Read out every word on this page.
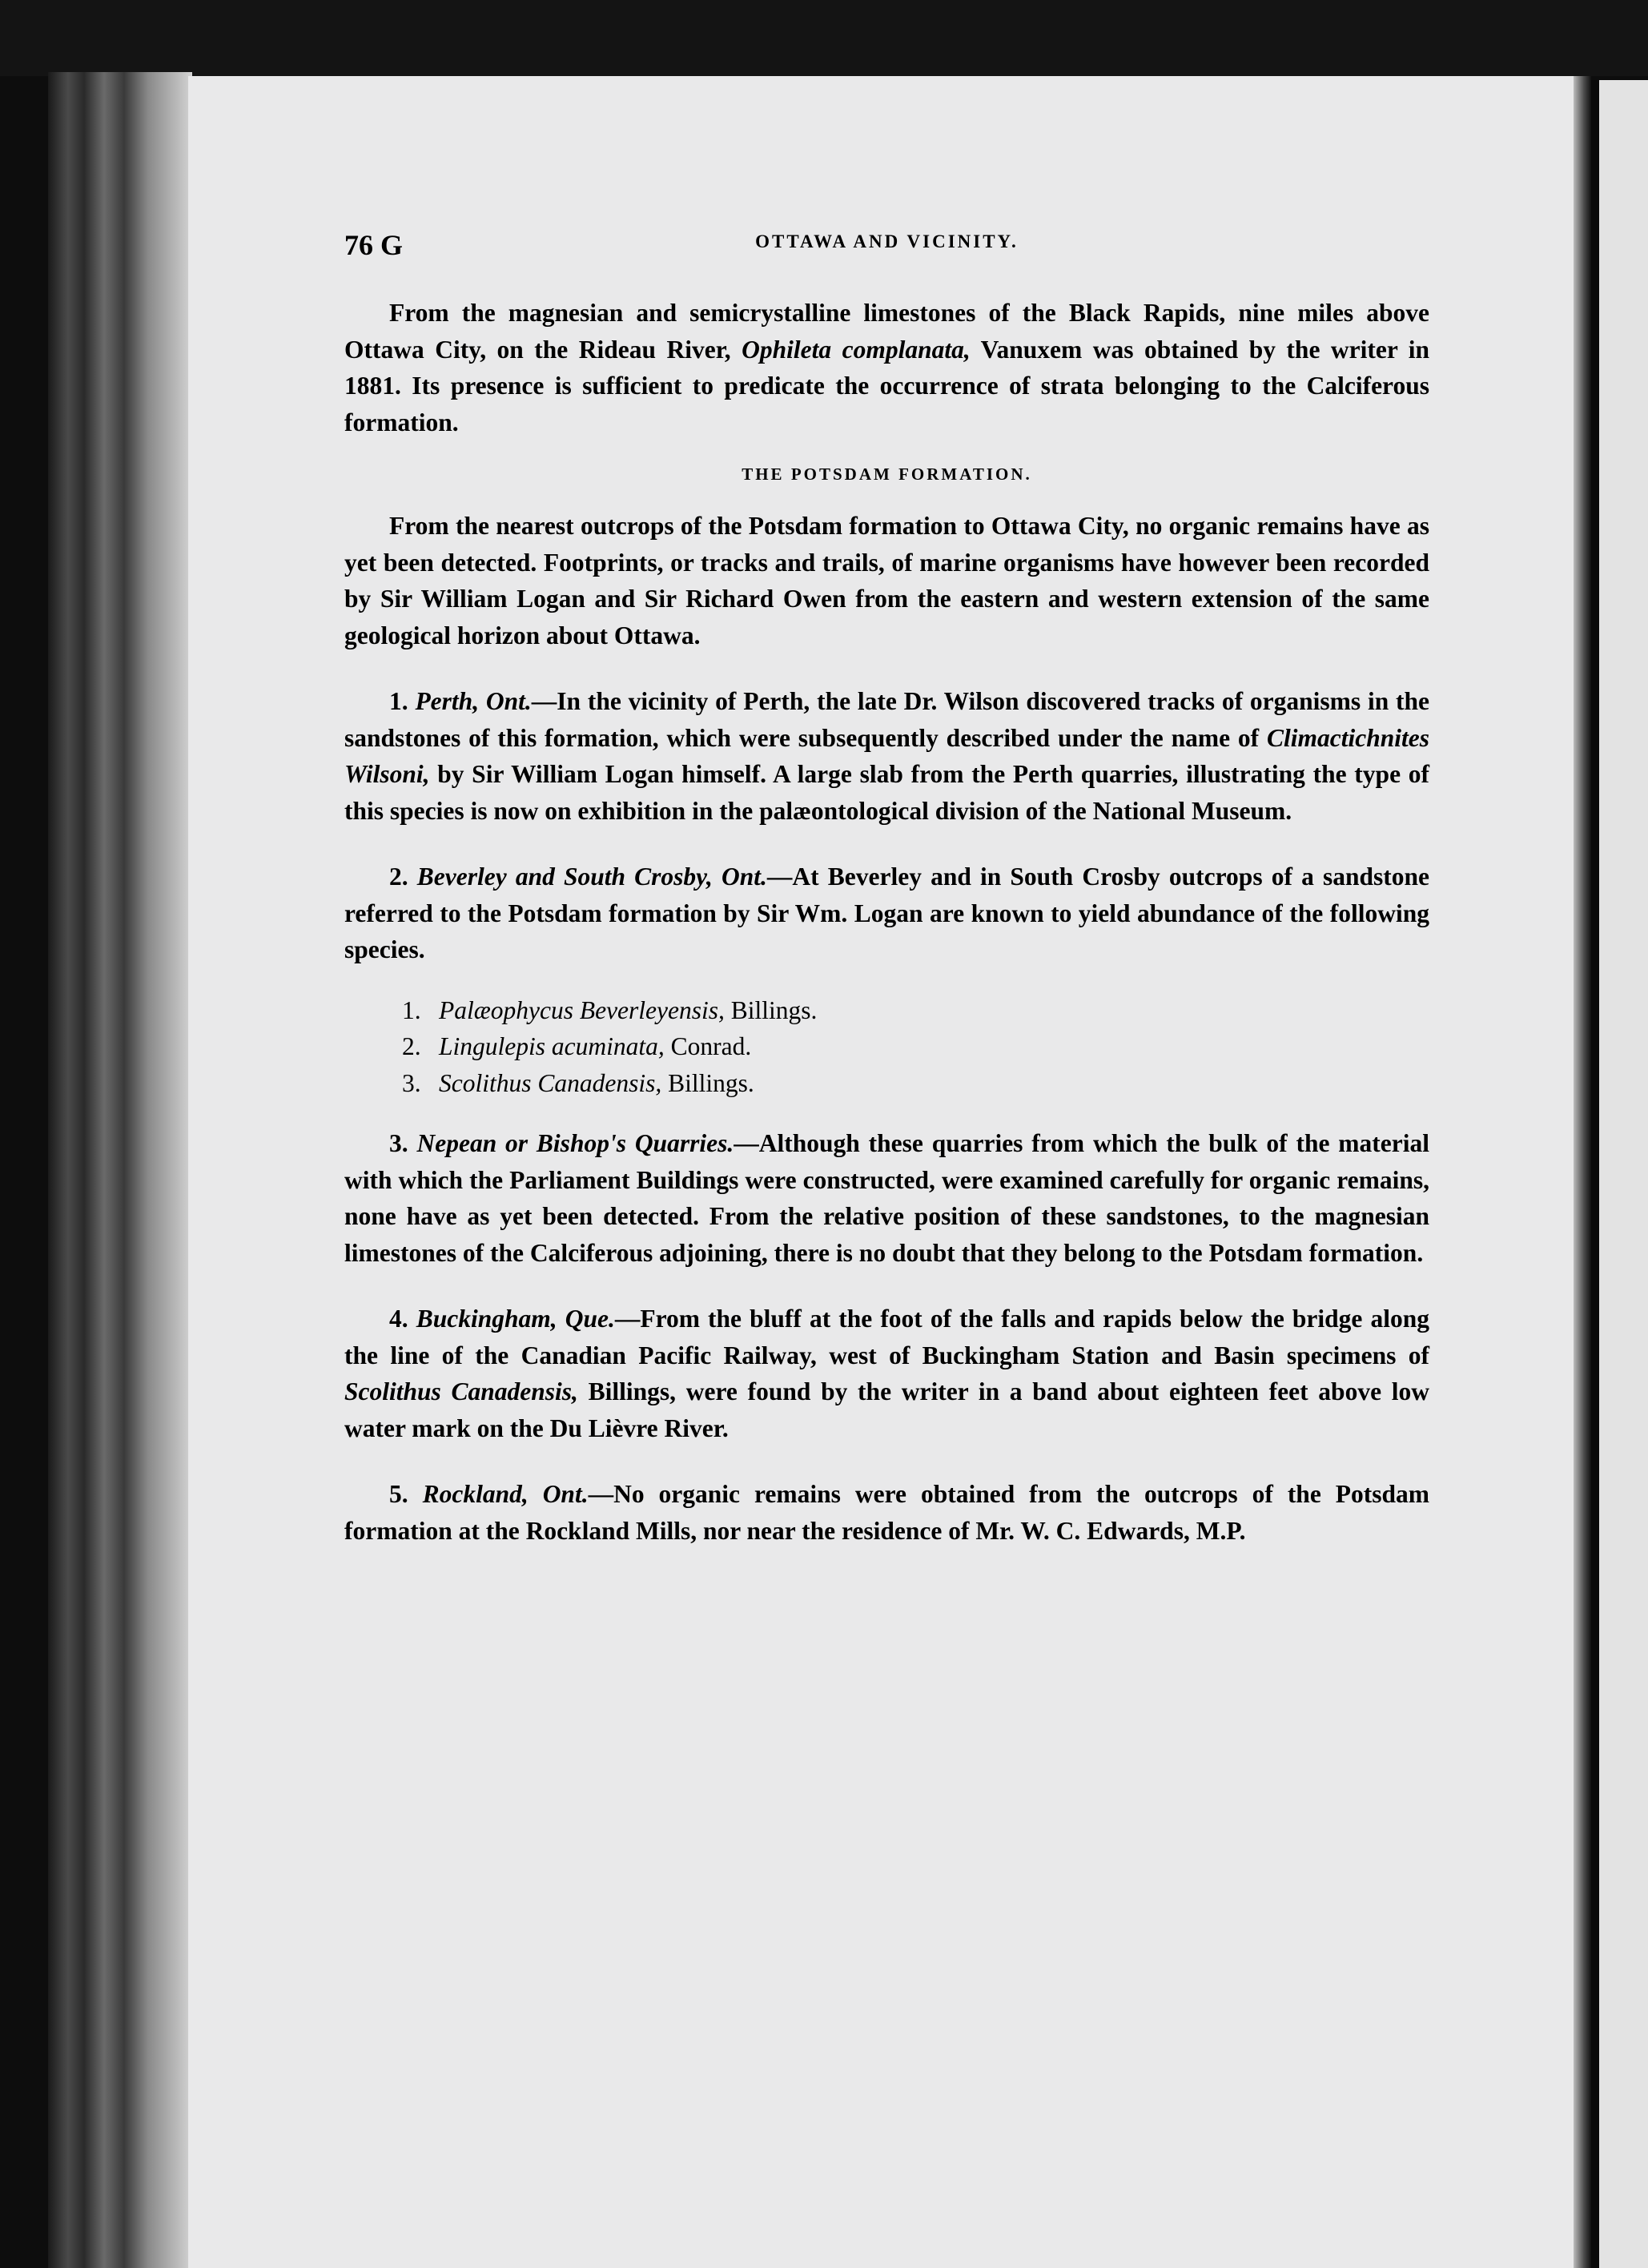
76 G	OTTAWA AND VICINITY.

From the magnesian and semicrystalline limestones of the Black Rapids, nine miles above Ottawa City, on the Rideau River, Ophileta complanata, Vanuxem was obtained by the writer in 1881. Its presence is sufficient to predicate the occurrence of strata belonging to the Calciferous formation.

THE POTSDAM FORMATION.

From the nearest outcrops of the Potsdam formation to Ottawa City, no organic remains have as yet been detected. Footprints, or tracks and trails, of marine organisms have however been recorded by Sir William Logan and Sir Richard Owen from the eastern and western extension of the same geological horizon about Ottawa.

1. Perth, Ont.—In the vicinity of Perth, the late Dr. Wilson discovered tracks of organisms in the sandstones of this formation, which were subsequently described under the name of Climactichnites Wilsoni, by Sir William Logan himself. A large slab from the Perth quarries, illustrating the type of this species is now on exhibition in the palæontological division of the National Museum.

2. Beverley and South Crosby, Ont.—At Beverley and in South Crosby outcrops of a sandstone referred to the Potsdam formation by Sir Wm. Logan are known to yield abundance of the following species.

1. Palæophycus Beverleyensis, Billings.
2. Lingulepis acuminata, Conrad.
3. Scolithus Canadensis, Billings.

3. Nepean or Bishop's Quarries.—Although these quarries from which the bulk of the material with which the Parliament Buildings were constructed, were examined carefully for organic remains, none have as yet been detected. From the relative position of these sandstones, to the magnesian limestones of the Calciferous adjoining, there is no doubt that they belong to the Potsdam formation.

4. Buckingham, Que.—From the bluff at the foot of the falls and rapids below the bridge along the line of the Canadian Pacific Railway, west of Buckingham Station and Basin specimens of Scolithus Canadensis, Billings, were found by the writer in a band about eighteen feet above low water mark on the Du Lièvre River.

5. Rockland, Ont.—No organic remains were obtained from the outcrops of the Potsdam formation at the Rockland Mills, nor near the residence of Mr. W. C. Edwards, M.P.
